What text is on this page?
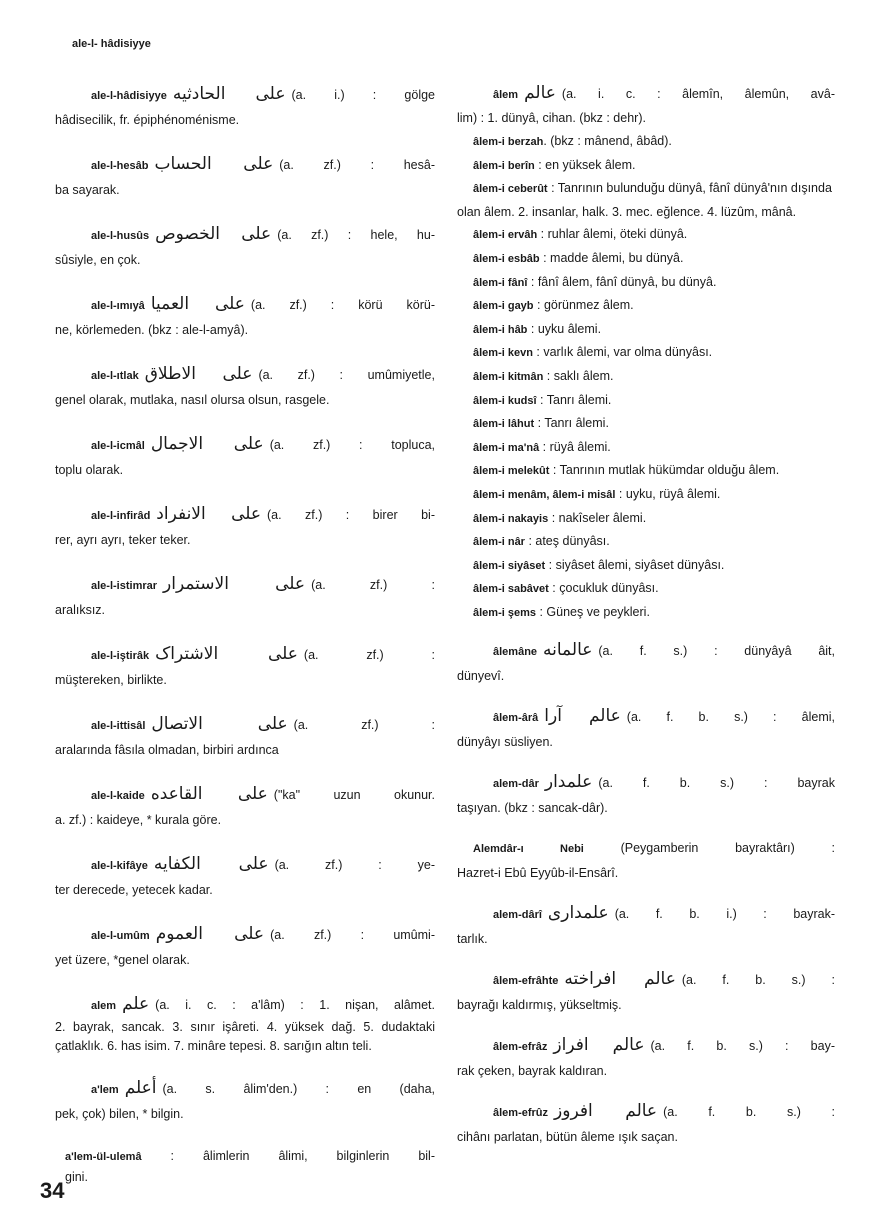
ale-l- hâdisiyye
ale-l-hâdisiyye علی الحادثیه (a. i.) : gölge
hâdisecilik, fr. épiphénoménisme.
ale-l-hesâb علی الحساب (a. zf.) : hesâ-
ba sayarak.
ale-l-husûs علی الخصوص (a. zf.) : hele, hu-
sûsiyle, en çok.
ale-l-ımıyâ علی العمیا (a. zf.) : körü körü-
ne, körlemeden. (bkz : ale-l-amyâ).
ale-l-ıtlak علی الاطلاق (a. zf.) : umûmiyetle,
genel olarak, mutlaka, nasıl olursa olsun, rasgele.
ale-l-icmâl علی الاجمال (a. zf.) : topluca,
toplu olarak.
ale-l-infirâd علی الانفراد (a. zf.) : birer bi-
rer, ayrı ayrı, teker teker.
ale-l-istimrar علی الاستمرار (a. zf.) :
aralıksız.
ale-l-iştirâk علی الاشتراک (a. zf.) :
müştereken, birlikte.
ale-l-ittisâl علی الاتصال (a. zf.) :
aralarında fâsıla olmadan, birbiri ardınca
ale-l-kaide علی القاعده ("ka" uzun okunur.
a. zf.) : kaideye, * kurala göre.
ale-l-kifâye علی الکفایه (a. zf.) : ye-
ter derecede, yetecek kadar.
ale-l-umûm علی العموم (a. zf.) : umûmi-
yet üzere, *genel olarak.
alem علم (a. i. c. : a'lâm) : 1. nişan, alâmet.
2. bayrak, sancak. 3. sınır işâreti. 4. yüksek dağ. 5. dudaktaki çatlaklık. 6. has isim. 7. minâre tepesi. 8. sarığın altın teli.
a'lem أعلم (a. s. âlim'den.) : en (daha,
pek, çok) bilen, * bilgin.
a'lem-ül-ulemâ : âlimlerin âlimi, bilginlerin bil-
gini.
âlem عالم (a. i. c. : âlemîn, âlemûn, avâ-
lim) : 1. dünyâ, cihan. (bkz : dehr).
âlem-i berzah. (bkz : mânend, âbâd).
âlem-i berîn : en yüksek âlem.
âlem-i ceberût : Tanrının bulunduğu dünyâ, fânî dünyâ'nın dışında olan âlem. 2. insanlar, halk. 3. mec. eğlence. 4. lüzûm, mânâ.
âlem-i ervâh : ruhlar âlemi, öteki dünyâ.
âlem-i esbâb : madde âlemi, bu dünyâ.
âlem-i fânî : fânî âlem, fânî dünyâ, bu dünyâ.
âlem-i gayb : görünmez âlem.
âlem-i hâb : uyku âlemi.
âlem-i kevn : varlık âlemi, var olma dünyâsı.
âlem-i kitmân : saklı âlem.
âlem-i kudsî : Tanrı âlemi.
âlem-i lâhut : Tanrı âlemi.
âlem-i ma'nâ : rüyâ âlemi.
âlem-i melekût : Tanrının mutlak hükümdar olduğu âlem.
âlem-i menâm, âlem-i misâl : uyku, rüyâ âlemi.
âlem-i nakayis : nakîseler âlemi.
âlem-i nâr : ateş dünyâsı.
âlem-i siyâset : siyâset âlemi, siyâset dünyâsı.
âlem-i sabâvet : çocukluk dünyâsı.
âlem-i şems : Güneş ve peykleri.
âlemâne عالمانه (a. f. s.) : dünyâyâ âit,
dünyevî.
âlem-ârâ عالم آرا (a. f. b. s.) : âlemi,
dünyâyı süsliyen.
alem-dâr علمدار (a. f. b. s.) : bayrak
taşıyan. (bkz : sancak-dâr).
Alemdâr-ı Nebi	(Peygamberin bayraktârı) :
Hazret-i Ebû Eyyûb-il-Ensârî.
alem-dârî علمداری (a. f. b. i.) : bayrak-
tarlık.
âlem-efrâhte عالم افراخته (a. f. b. s.) :
bayrağı kaldırmış, yükseltmiş.
âlem-efrâz عالم افراز (a. f. b. s.) : bay-
rak çeken, bayrak kaldıran.
âlem-efrûz عالم افروز (a. f. b. s.) :
cihânı parlatan, bütün âleme ışık saçan.
34
